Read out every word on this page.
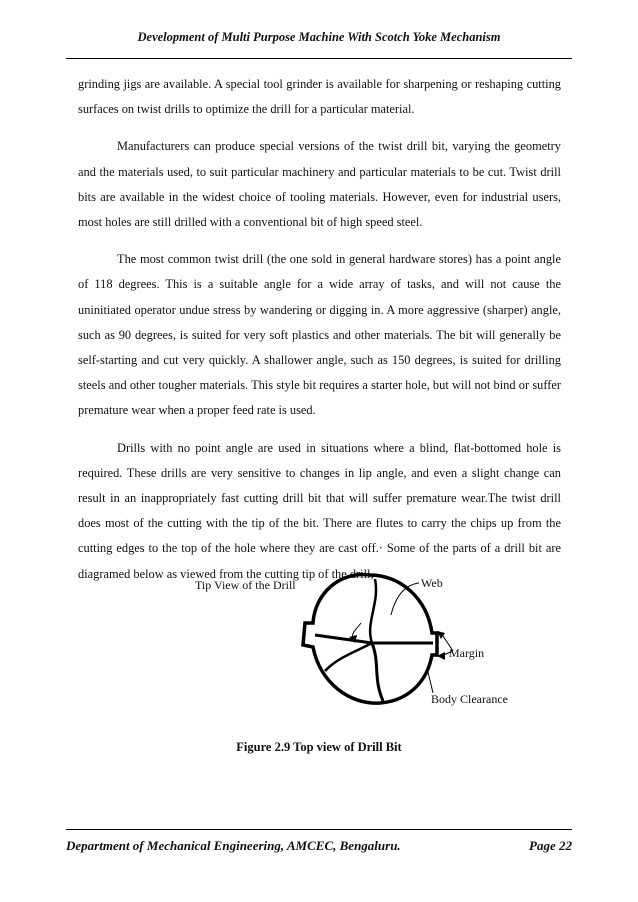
Development of Multi Purpose Machine With Scotch Yoke Mechanism

grinding jigs are available. A special tool grinder is available for sharpening or reshaping cutting surfaces on twist drills to optimize the drill for a particular material.

Manufacturers can produce special versions of the twist drill bit, varying the geometry and the materials used, to suit particular machinery and particular materials to be cut. Twist drill bits are available in the widest choice of tooling materials. However, even for industrial users, most holes are still drilled with a conventional bit of high speed steel.

The most common twist drill (the one sold in general hardware stores) has a point angle of 118 degrees. This is a suitable angle for a wide array of tasks, and will not cause the uninitiated operator undue stress by wandering or digging in. A more aggressive (sharper) angle, such as 90 degrees, is suited for very soft plastics and other materials. The bit will generally be self-starting and cut very quickly. A shallower angle, such as 150 degrees, is suited for drilling steels and other tougher materials. This style bit requires a starter hole, but will not bind or suffer premature wear when a proper feed rate is used.

Drills with no point angle are used in situations where a blind, flat-bottomed hole is required. These drills are very sensitive to changes in lip angle, and even a slight change can result in an inappropriately fast cutting drill bit that will suffer premature wear.The twist drill does most of the cutting with the tip of the bit. There are flutes to carry the chips up from the cutting edges to the top of the hole where they are cast off.· Some of the parts of a drill bit are diagramed below as viewed from the cutting tip of the drill,

Tip View of the Drill	Web
Margin
Body Clearance
Figure 2.9 Top view of Drill Bit
Department of Mechanical Engineering, AMCEC, Bengaluru.	Page 22
